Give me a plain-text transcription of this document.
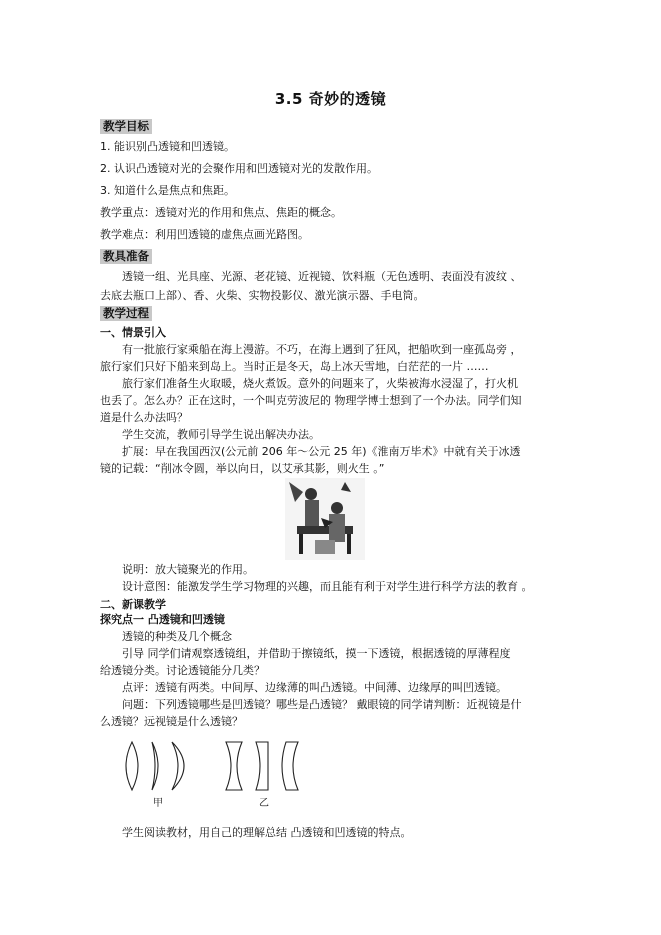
3.5 奇妙的透镜
教学目标
1. 能识别凸透镜和凹透镜。
2. 认识凸透镜对光的会聚作用和凹透镜对光的发散作用。
3. 知道什么是焦点和焦距。
教学重点：透镜对光的作用和焦点、焦距的概念。
教学难点：利用凹透镜的虚焦点画光路图。
教具准备
透镜一组、光具座、光源、老花镜、近视镜、饮料瓶（无色透明、表面没有波纹 、
去底去瓶口上部）、香、火柴、实物投影仪、激光演示器、手电筒。
教学过程
一、情景引入
有一批旅行家乘船在海上漫游。不巧，在海上遇到了狂风，把船吹到一座孤岛旁 ，
旅行家们只好下船来到岛上。当时正是冬天，岛上冰天雪地，白茫茫的一片 ……
旅行家们准备生火取暖，烧火煮饭。意外的问题来了，火柴被海水浸湿了，打火机
也丢了。怎么办？正在这时，一个叫克劳波尼的 物理学博士想到了一个办法。同学们知
道是什么办法吗？
学生交流，教师引导学生说出解决办法。
扩展：早在我国西汉(公元前 206 年～公元 25 年)《淮南万毕术》中就有关于冰透
镜的记载：“削冰令圆，举以向日，以艾承其影，则火生 。”
说明：放大镜聚光的作用。
设计意图：能激发学生学习物理的兴趣，而且能有利于对学生进行科学方法的教育 。
二、新课教学
探究点一 凸透镜和凹透镜
透镜的种类及几个概念
引导 同学们请观察透镜组，并借助于擦镜纸，摸一下透镜，根据透镜的厚薄程度
给透镜分类。讨论透镜能分几类？
点评：透镜有两类。中间厚、边缘薄的叫凸透镜。中间薄、边缘厚的叫凹透镜。
问题：下列透镜哪些是凹透镜？哪些是凸透镜？ 戴眼镜的同学请判断：近视镜是什
么透镜？远视镜是什么透镜？
甲	乙
学生阅读教材，用自己的理解总结 凸透镜和凹透镜的特点。
